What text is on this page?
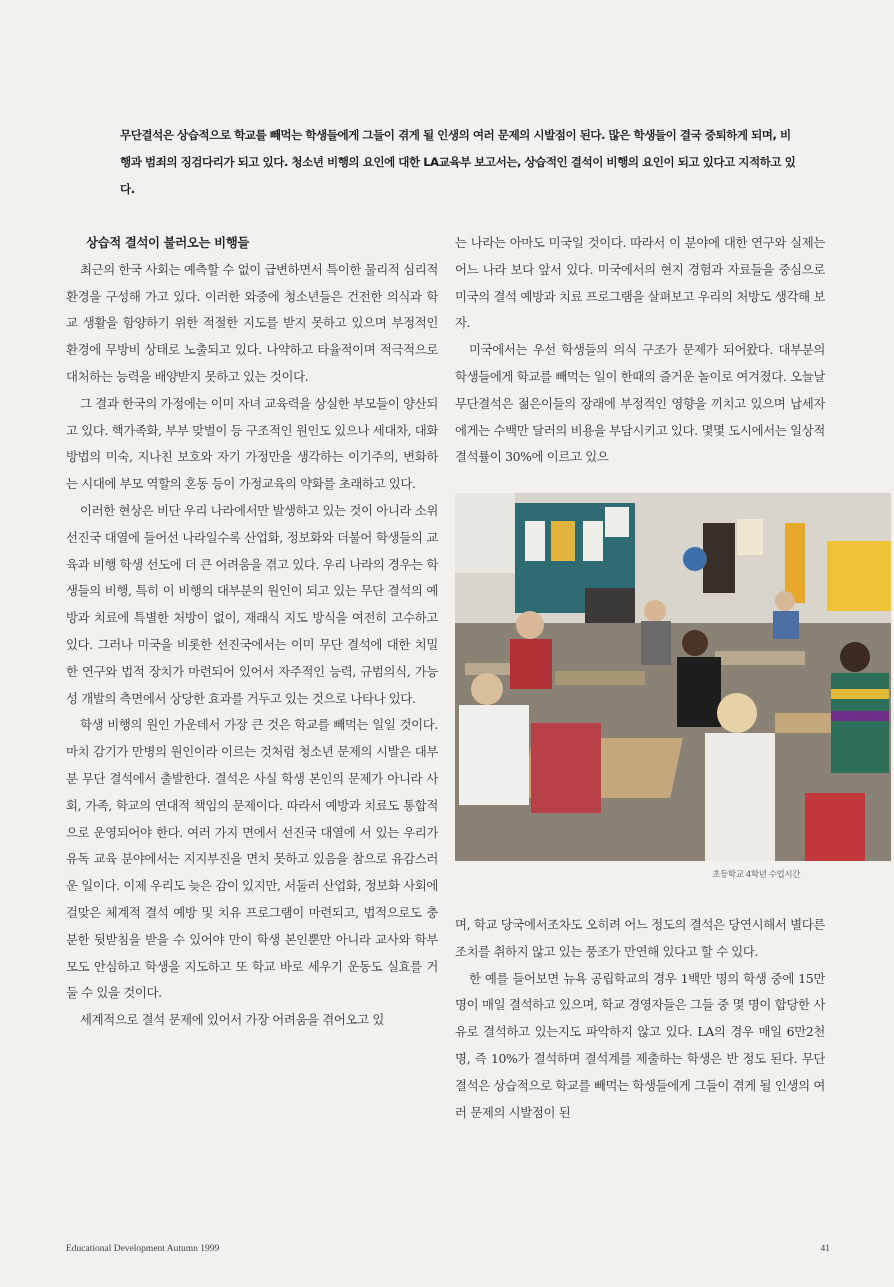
무단결석은 상습적으로 학교를 빼먹는 학생들에게 그들이 겪게 될 인생의 여러 문제의 시발점이 된다. 많은 학생들이 결국 중퇴하게 되며, 비행과 범죄의 징검다리가 되고 있다. 청소년 비행의 요인에 대한 LA교육부 보고서는, 상습적인 결석이 비행의 요인이 되고 있다고 지적하고 있다.

상습적 결석이 불러오는 비행들

최근의 한국 사회는 예측할 수 없이 급변하면서 특이한 물리적 심리적 환경을 구성해 가고 있다. 이러한 와중에 청소년들은 건전한 의식과 학교 생활을 함양하기 위한 적절한 지도를 받지 못하고 있으며 부정적인 환경에 무방비 상태로 노출되고 있다. 나약하고 타율적이며 적극적으로 대처하는 능력을 배양받지 못하고 있는 것이다.

그 결과 한국의 가정에는 이미 자녀 교육력을 상실한 부모들이 양산되고 있다. 핵가족화, 부부 맞벌이 등 구조적인 원인도 있으나 세대차, 대화방법의 미숙, 지나친 보호와 자기 가정만을 생각하는 이기주의, 변화하는 시대에 부모 역할의 혼동 등이 가정교육의 약화를 초래하고 있다.

이러한 현상은 비단 우리 나라에서만 발생하고 있는 것이 아니라 소위 선진국 대열에 들어선 나라일수록 산업화, 정보화와 더불어 학생들의 교육과 비행 학생 선도에 더 큰 어려움을 겪고 있다. 우리 나라의 경우는 학생들의 비행, 특히 이 비행의 대부분의 원인이 되고 있는 무단 결석의 예방과 치료에 특별한 처방이 없이, 재래식 지도 방식을 여전히 고수하고 있다. 그러나 미국을 비롯한 선진국에서는 이미 무단 결석에 대한 치밀한 연구와 법적 장치가 마련되어 있어서 자주적인 능력, 규범의식, 가능성 개발의 측면에서 상당한 효과를 거두고 있는 것으로 나타나 있다.

학생 비행의 원인 가운데서 가장 큰 것은 학교를 빼먹는 일일 것이다. 마치 감기가 만병의 원인이라 이르는 것처럼 청소년 문제의 시발은 대부분 무단 결석에서 출발한다. 결석은 사실 학생 본인의 문제가 아니라 사회, 가족, 학교의 연대적 책임의 문제이다. 따라서 예방과 치료도 통합적으로 운영되어야 한다. 여러 가지 면에서 선진국 대열에 서 있는 우리가 유독 교육 분야에서는 지지부진을 면치 못하고 있음을 참으로 유감스러운 일이다. 이제 우리도 늦은 감이 있지만, 서둘러 산업화, 정보화 사회에 걸맞은 체계적 결석 예방 및 치유 프로그램이 마련되고, 법적으로도 충분한 뒷받침을 받을 수 있어야 만이 학생 본인뿐만 아니라 교사와 학부모도 안심하고 학생을 지도하고 또 학교 바로 세우기 운동도 실효를 거둘 수 있을 것이다.

세계적으로 결석 문제에 있어서 가장 어려움을 겪어오고 있

는 나라는 아마도 미국일 것이다. 따라서 이 분야에 대한 연구와 실제는 어느 나라 보다 앞서 있다. 미국에서의 현지 경험과 자료들을 중심으로 미국의 결석 예방과 치료 프로그램을 살펴보고 우리의 처방도 생각해 보자.

미국에서는 우선 학생들의 의식 구조가 문제가 되어왔다. 대부분의 학생들에게 학교를 빼먹는 일이 한때의 즐거운 놀이로 여겨졌다. 오늘날 무단결석은 젊은이들의 장래에 부정적인 영향을 끼치고 있으며 납세자에게는 수백만 달러의 비용을 부담시키고 있다. 몇몇 도시에서는 일상적 결석률이 30%에 이르고 있으

초등학교 4학년 수업시간

며, 학교 당국에서조차도 오히려 어느 정도의 결석은 당연시해서 별다른 조치를 취하지 않고 있는 풍조가 만연해 있다고 할 수 있다.

한 예를 들어보면 뉴욕 공립학교의 경우 1백만 명의 학생 중에 15만 명이 매일 결석하고 있으며, 학교 경영자들은 그들 중 몇 명이 합당한 사유로 결석하고 있는지도 파악하지 않고 있다. LA의 경우 매일 6만2천명, 즉 10%가 결석하며 결석계를 제출하는 학생은 반 정도 된다. 무단결석은 상습적으로 학교를 빼먹는 학생들에게 그들이 겪게 될 인생의 여러 문제의 시발점이 된

Educational Development Autumn 1999	41
